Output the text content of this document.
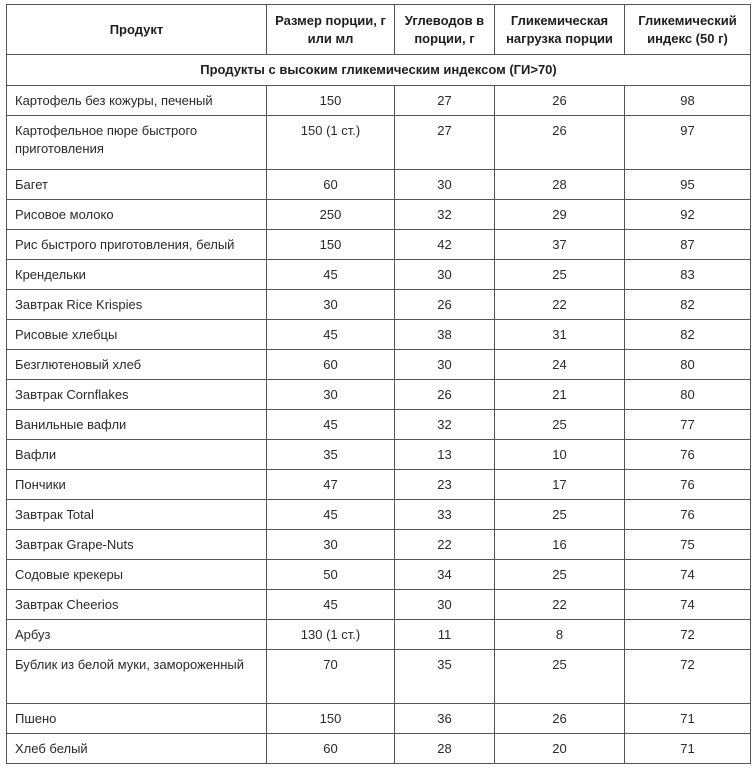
Продукт	Размер порции, г или мл	Углеводов в порции, г	Гликемическая нагрузка порции	Гликемический индекс (50 г)
Продукты с высоким гликемическим индексом (ГИ>70)				
Картофель без кожуры, печеный	150	27	26	98
Картофельное пюре быстрого приготовления	150 (1 ст.)	27	26	97
Багет	60	30	28	95
Рисовое молоко	250	32	29	92
Рис быстрого приготовления, белый	150	42	37	87
Крендельки	45	30	25	83
Завтрак Rice Krispies	30	26	22	82
Рисовые хлебцы	45	38	31	82
Безглютеновый хлеб	60	30	24	80
Завтрак Cornflakes	30	26	21	80
Ванильные вафли	45	32	25	77
Вафли	35	13	10	76
Пончики	47	23	17	76
Завтрак Total	45	33	25	76
Завтрак Grape-Nuts	30	22	16	75
Содовые крекеры	50	34	25	74
Завтрак Cheerios	45	30	22	74
Арбуз	130 (1 ст.)	11	8	72
Бублик из белой муки, замороженный	70	35	25	72
Пшено	150	36	26	71
Хлеб белый	60	28	20	71
